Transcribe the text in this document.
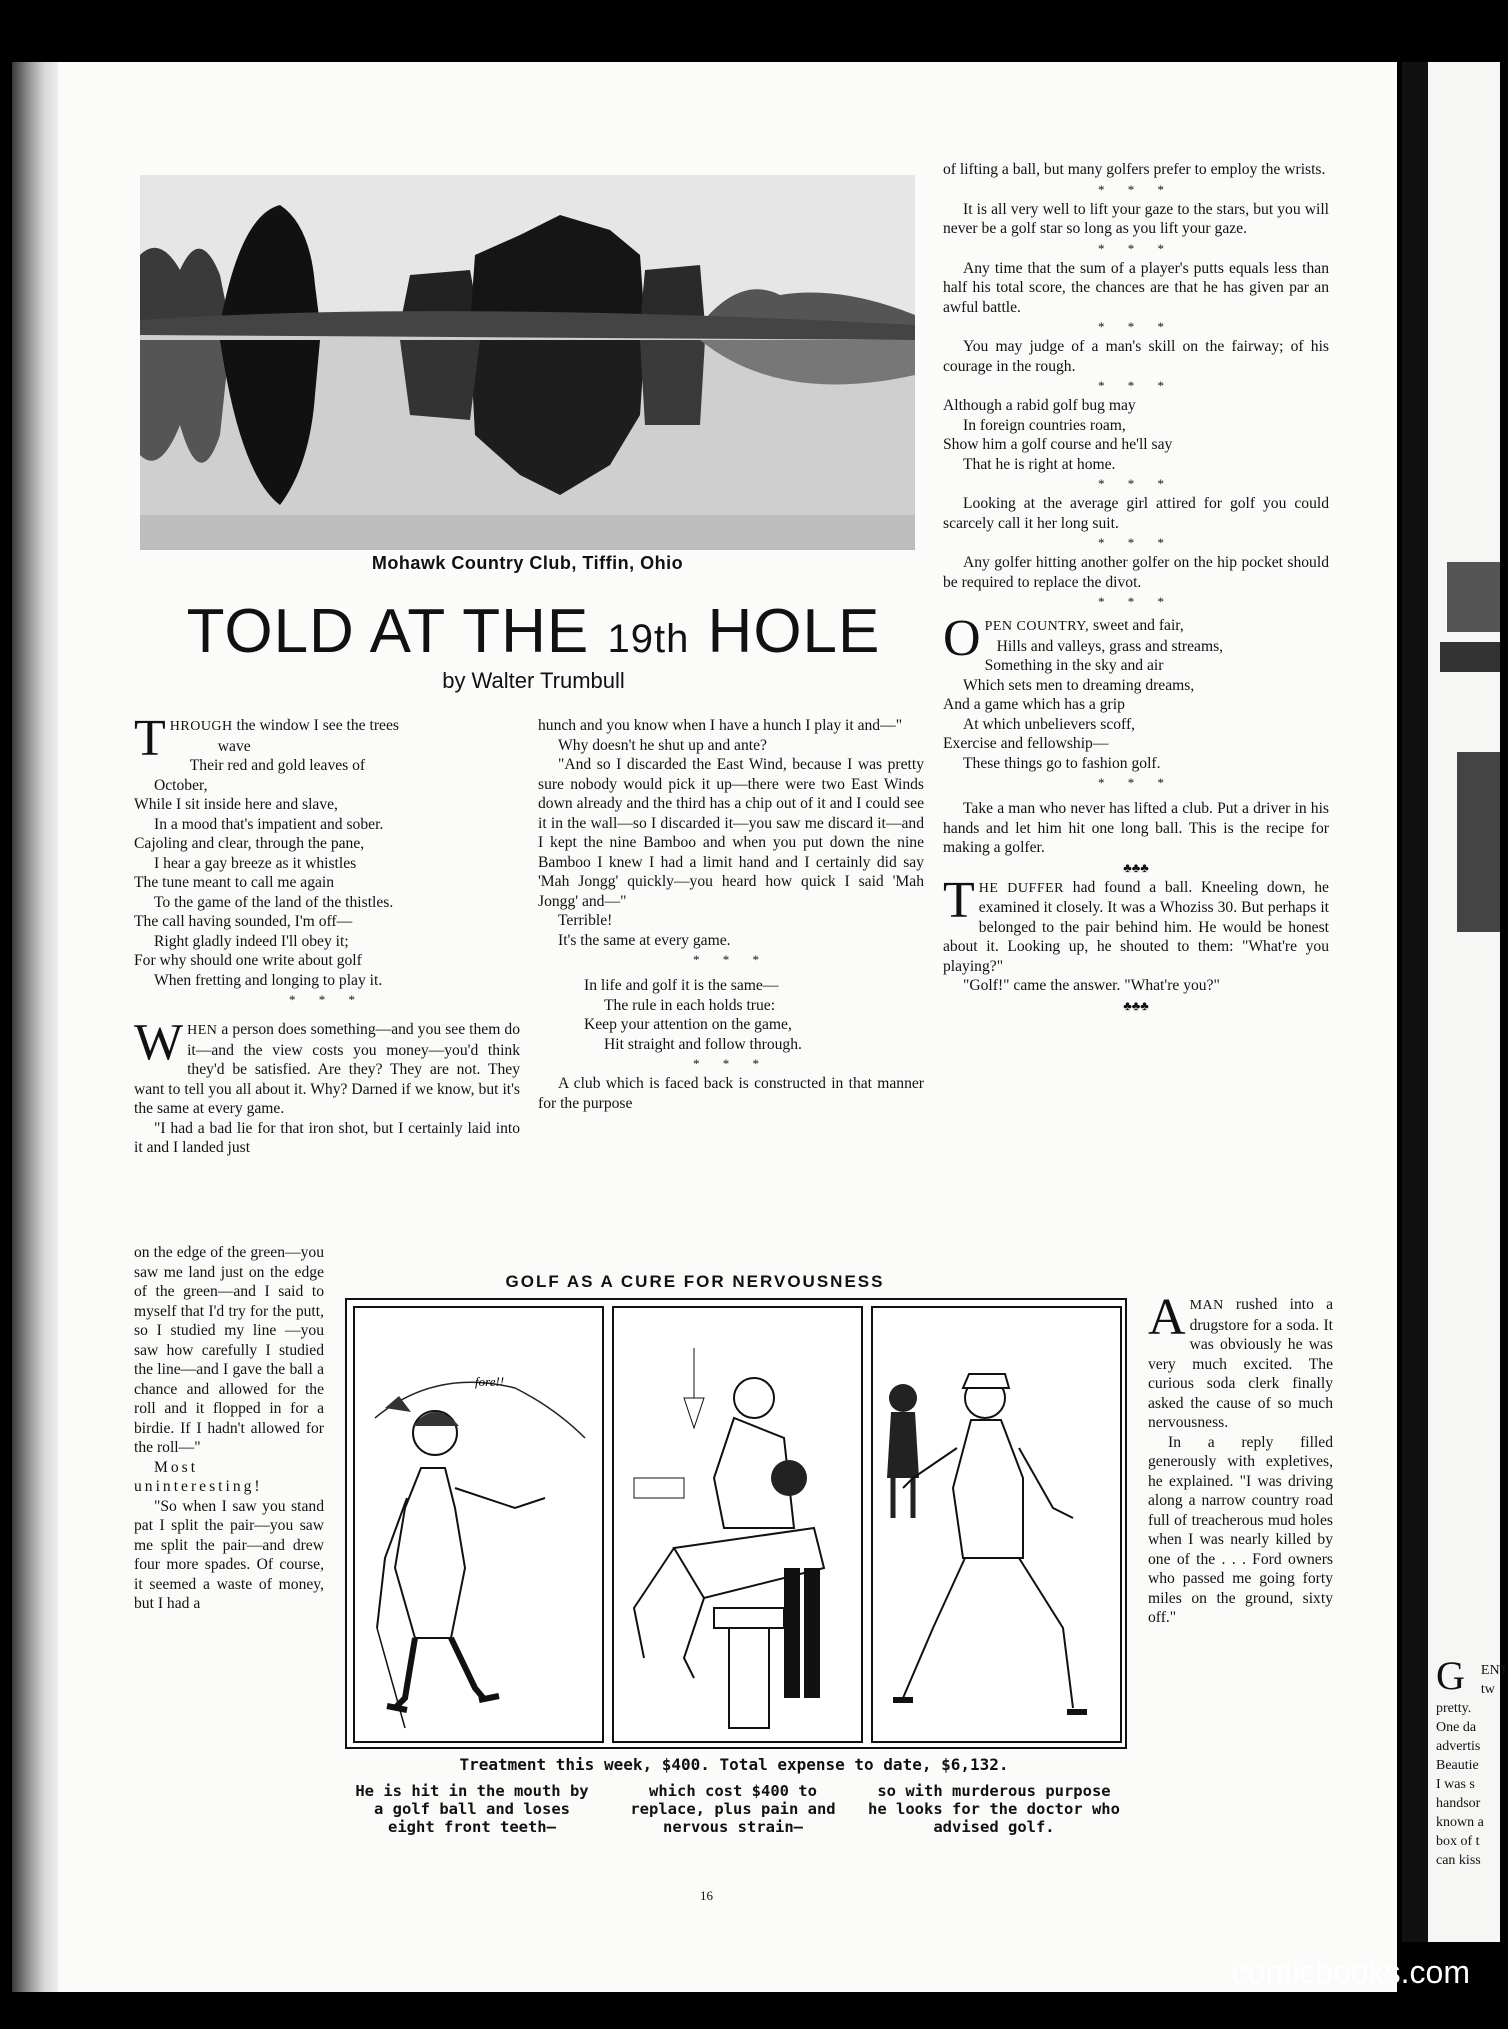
G ENT
tw
pretty.
One da
advertis
Beautie
I was s
handsor
known a
box of t
can kiss
Mohawk Country Club, Tiffin, Ohio
TOLD AT THE 19th HOLE
by Walter Trumbull
THROUGH the window I see the trees
wave
Their red and gold leaves of
October,
While I sit inside here and slave,
In a mood that's impatient and sober.
Cajoling and clear, through the pane,
I hear a gay breeze as it whistles
The tune meant to call me again
To the game of the land of the thistles.
The call having sounded, I'm off—
Right gladly indeed I'll obey it;
For why should one write about golf
When fretting and longing to play it.
* * *

WHEN a person does something—and you see them do it—and the view costs you money—you'd think they'd be satisfied. Are they? They are not. They want to tell you all about it. Why? Darned if we know, but it's the same at every game.

"I had a bad lie for that iron shot, but I certainly laid into it and I landed just

on the edge of the green—you saw me land just on the edge of the green—and I said to myself that I'd try for the putt, so I studied my line —you saw how carefully I studied the line—and I gave the ball a chance and allowed for the roll and it flopped in for a birdie. If I hadn't allowed for the roll—"

Most uninteresting!

"So when I saw you stand pat I split the pair—you saw me split the pair—and drew four more spades. Of course, it seemed a waste of money, but I had a

hunch and you know when I have a hunch I play it and—"

Why doesn't he shut up and ante?

"And so I discarded the East Wind, because I was pretty sure nobody would pick it up—there were two East Winds down already and the third has a chip out of it and I could see it in the wall—so I discarded it—you saw me discard it—and I kept the nine Bamboo and when you put down the nine Bamboo I knew I had a limit hand and I certainly did say 'Mah Jongg' quickly—you heard how quick I said 'Mah Jongg' and—"

Terrible!

It's the same at every game.

* * *
In life and golf it is the same—
The rule in each holds true:
Keep your attention on the game,
Hit straight and follow through.
* * *

A club which is faced back is constructed in that manner for the purpose

of lifting a ball, but many golfers prefer to employ the wrists.

* * *

It is all very well to lift your gaze to the stars, but you will never be a golf star so long as you lift your gaze.

* * *

Any time that the sum of a player's putts equals less than half his total score, the chances are that he has given par an awful battle.

* * *

You may judge of a man's skill on the fairway; of his courage in the rough.

* * *
Although a rabid golf bug may
In foreign countries roam,
Show him a golf course and he'll say
That he is right at home.
* * *

Looking at the average girl attired for golf you could scarcely call it her long suit.

* * *

Any golfer hitting another golfer on the hip pocket should be required to replace the divot.

* * *
OPEN COUNTRY, sweet and fair,
Hills and valleys, grass and streams,
Something in the sky and air
Which sets men to dreaming dreams,
And a game which has a grip
At which unbelievers scoff,
Exercise and fellowship—
These things go to fashion golf.
* * *

Take a man who never has lifted a club. Put a driver in his hands and let him hit one long ball. This is the recipe for making a golfer.

♣♣♣

THE DUFFER had found a ball. Kneeling down, he examined it closely. It was a Whoziss 30. But perhaps it belonged to the pair behind him. He would be honest about it. Looking up, he shouted to them: "What're you playing?"

"Golf!" came the answer. "What're you?"

♣♣♣

AMAN rushed into a drugstore for a soda. It was obviously he was very much excited. The curious soda clerk finally asked the cause of so much nervousness.

In a reply filled generously with expletives, he explained. "I was driving along a narrow country road full of treacherous mud holes when I was nearly killed by one of the . . . Ford owners who passed me going forty miles on the ground, sixty off."

GOLF AS A CURE FOR NERVOUSNESS
fore!!
Treatment this week, $400. Total expense to date, $6,132.
He is hit in the mouth by a golf ball and loses eight front teeth—
which cost $400 to replace, plus pain and nervous strain—
so with murderous purpose he looks for the doctor who advised golf.
16
comicbooks.com
